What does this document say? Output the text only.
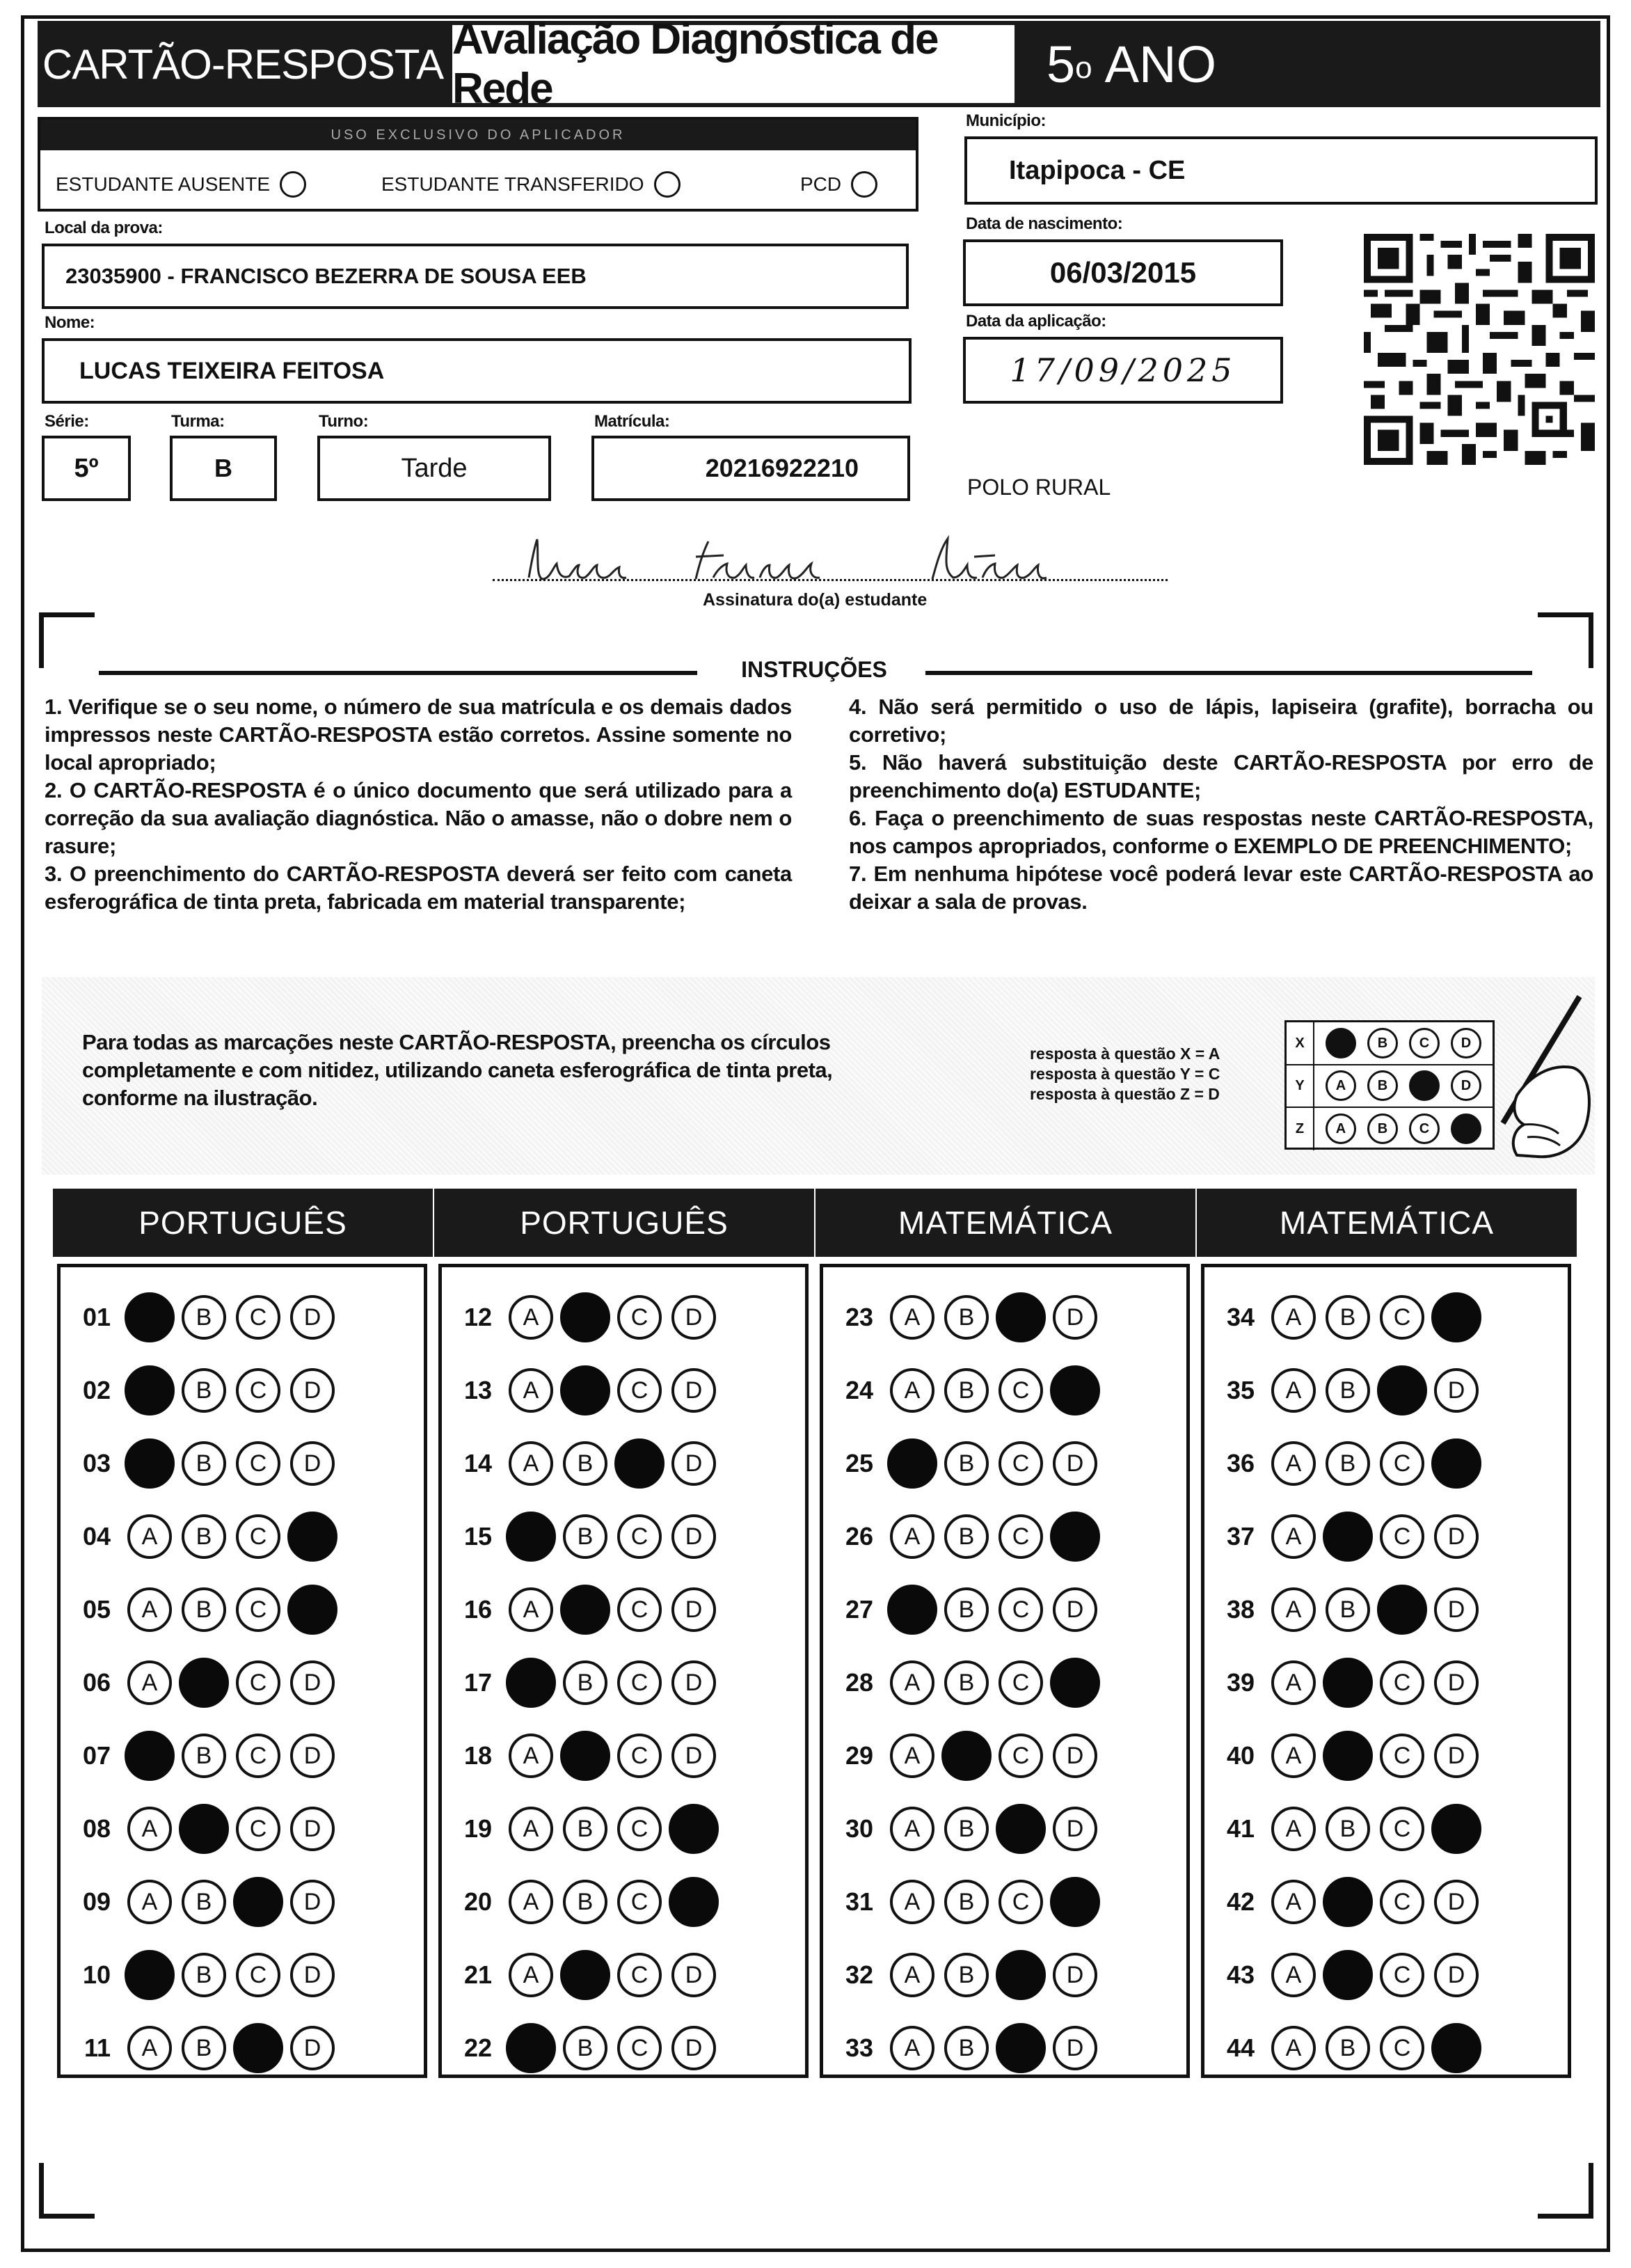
CARTÃO-RESPOSTA
Avaliação Diagnóstica de Rede	5$^o$ ANO
USO EXCLUSIVO DO APLICADOR
ESTUDANTE AUSENTE	ESTUDANTE TRANSFERIDO	PCD
Município:
Itapipoca - CE
Local da prova:
23035900 - FRANCISCO BEZERRA DE SOUSA EEB
Data de nascimento:
06/03/2015
Nome:
LUCAS TEIXEIRA FEITOSA
Data da aplicação:
17/09/2025
Série:
5º
Turma:
B
Turno:
Tarde
Matrícula:
20216922210
POLO RURAL
Assinatura do(a) estudante
INSTRUÇÕES

1. Verifique se o seu nome, o número de sua matrícula e os demais dados impressos neste CARTÃO-RESPOSTA estão corretos. Assine somente no local apropriado;

2. O CARTÃO-RESPOSTA é o único documento que será utilizado para a correção da sua avaliação diagnóstica. Não o amasse, não o dobre nem o rasure;

3. O preenchimento do CARTÃO-RESPOSTA deverá ser feito com caneta esferográfica de tinta preta, fabricada em material transparente;

4. Não será permitido o uso de lápis, lapiseira (grafite), borracha ou corretivo;

5. Não haverá substituição deste CARTÃO-RESPOSTA por erro de preenchimento do(a) ESTUDANTE;

6. Faça o preenchimento de suas respostas neste CARTÃO-RESPOSTA, nos campos apropriados, conforme o EXEMPLO DE PREENCHIMENTO;

7. Em nenhuma hipótese você poderá levar este CARTÃO-RESPOSTA ao deixar a sala de provas.

Para todas as marcações neste CARTÃO-RESPOSTA, preencha os círculos completamente e com nitidez, utilizando caneta esferográfica de tinta preta, conforme na ilustração.
resposta à questão X = A
resposta à questão Y = C
resposta à questão Z = D
X	A	B	C	D
Y	A	B	C	D
Z	A	B	C	D
PORTUGUÊS
01	A	B	C	D
02	A	B	C	D
03	A	B	C	D
04	A	B	C	D
05	A	B	C	D
06	A	B	C	D
07	A	B	C	D
08	A	B	C	D
09	A	B	C	D
10	A	B	C	D
11	A	B	C	D
PORTUGUÊS
12	A	B	C	D
13	A	B	C	D
14	A	B	C	D
15	A	B	C	D
16	A	B	C	D
17	A	B	C	D
18	A	B	C	D
19	A	B	C	D
20	A	B	C	D
21	A	B	C	D
22	A	B	C	D
MATEMÁTICA
23	A	B	C	D
24	A	B	C	D
25	A	B	C	D
26	A	B	C	D
27	A	B	C	D
28	A	B	C	D
29	A	B	C	D
30	A	B	C	D
31	A	B	C	D
32	A	B	C	D
33	A	B	C	D
MATEMÁTICA
34	A	B	C	D
35	A	B	C	D
36	A	B	C	D
37	A	B	C	D
38	A	B	C	D
39	A	B	C	D
40	A	B	C	D
41	A	B	C	D
42	A	B	C	D
43	A	B	C	D
44	A	B	C	D
